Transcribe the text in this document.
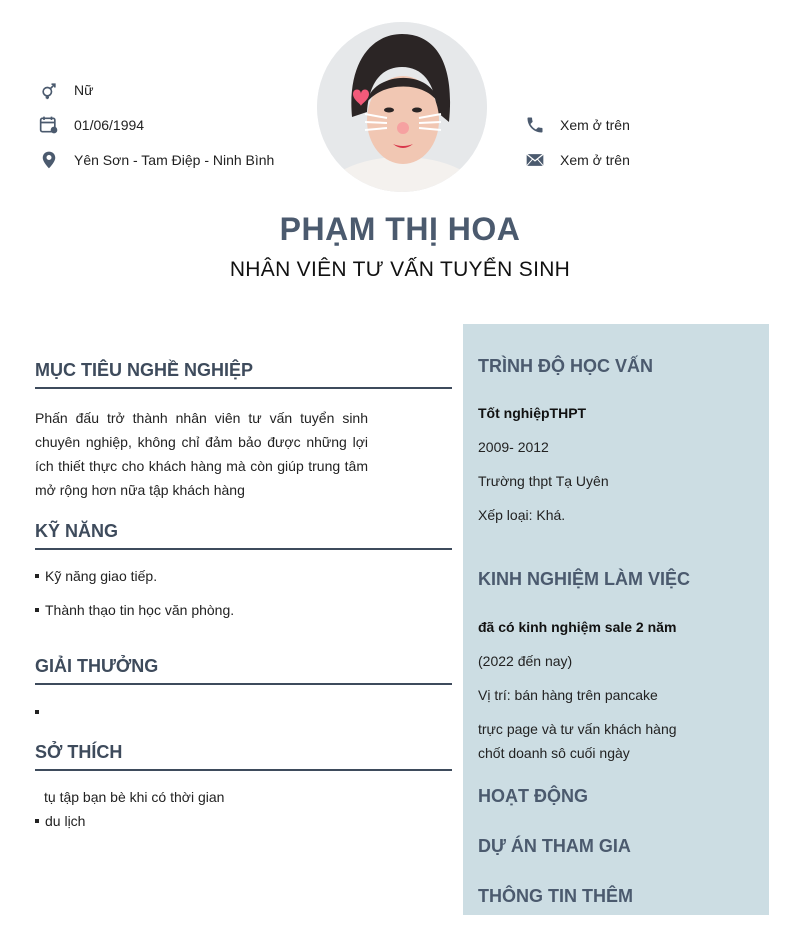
Nữ
01/06/1994
Yên Sơn - Tam Điệp - Ninh Bình
Xem ở trên
Xem ở trên
PHẠM THỊ HOA
NHÂN VIÊN TƯ VẤN TUYỂN SINH
MỤC TIÊU NGHỀ NGHIỆP
Phấn đấu trở thành nhân viên tư vấn tuyển sinh chuyên nghiệp, không chỉ đảm bảo được những lợi ích thiết thực cho khách hàng mà còn giúp trung tâm mở rộng hơn nữa tập khách hàng
KỸ NĂNG
Kỹ năng giao tiếp.
Thành thạo tin học văn phòng.
GIẢI THƯỞNG
SỞ THÍCH
tụ tập bạn bè khi có thời gian
du lịch
TRÌNH ĐỘ HỌC VẤN
Tốt nghiệpTHPT
2009- 2012
Trường thpt Tạ Uyên
Xếp loại: Khá.
KINH NGHIỆM LÀM VIỆC
đã có kinh nghiệm sale 2 năm
(2022 đến nay)
Vị trí: bán hàng trên pancake
trực page và tư vấn khách hàng
chốt doanh sô cuối ngày
HOẠT ĐỘNG
DỰ ÁN THAM GIA
THÔNG TIN THÊM
